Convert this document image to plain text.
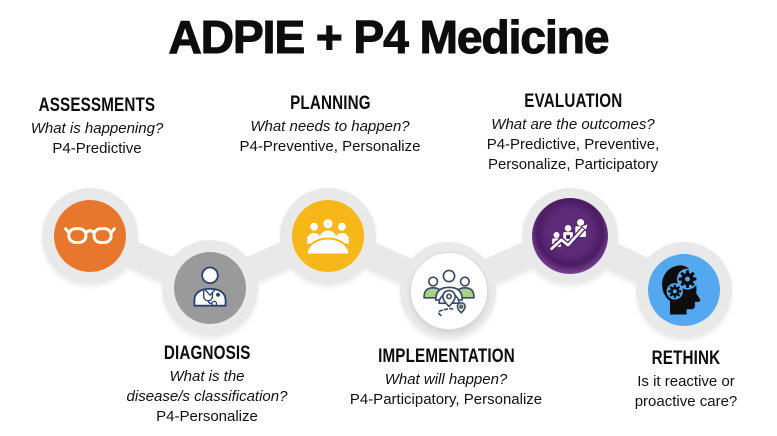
ADPIE + P4 Medicine
ASSESSMENTS
What is happening?
P4-Predictive
PLANNING
What needs to happen?
P4-Preventive, Personalize
EVALUATION
What are the outcomes?
P4-Predictive, Preventive,
Personalize, Participatory
DIAGNOSIS
What is the
disease/s classification?
P4-Personalize
IMPLEMENTATION
What will happen?
P4-Participatory, Personalize
RETHINK
Is it reactive or
proactive care?
